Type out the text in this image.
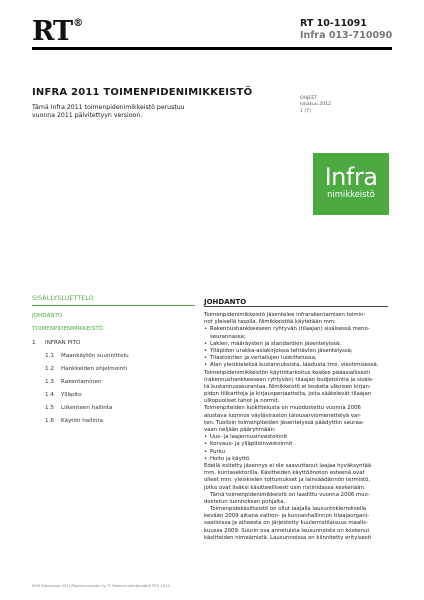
RT®	RT 10-11091
Infra 013-710090
INFRA 2011 TOIMENPIDENIMIKKEISTÖ
Tämä Infra 2011 toimenpidenimikkeistö perustuu vuonna 2011 päivitettyyn versioon.
OHJEET
lokakuu 2012
1 (7)
Infra
nimikkeistö
SISÄLLYSLUETTELO
JOHDANTO
TOIMENPIDENIMIKKEISTÖ
1 INFRAN PITO
1.1 Maankäytön suunnittelu
1.2 Hankkeiden ohjelmointi
1.3 Rakentaminen
1.4 Ylläpito
1.5 Liikenteen hallinta
1.6 Käytön hallinta
JOHDANTO
Toimenpidenimikkeistö jäsentelee infrarakentamisen toimin-
not yleisellä tasolla. Nimikkeistöä käytetään mm:
• Rakennushankkeeseen ryhtyvän (tilaajan) sisäisessä meno-
seurannassa;
• Lakien, määräysten ja standardien jäsentelyissä;
• Ylläpidon urakka-asiakirjoissa tehtävien jäsentelyssä;
• Tilastointien ja vertailujen luokittelussa;
• Alan yleiskieleksä kustannuksista, laadusta tms. viestimisessä.
Toimenpidenimikkeistön käyttötarkoitus koskee pääasiallisesti
(rakennushankkeeseen ryhtyvän) tilaajan budjetointia ja sisäis-
tä kustannusseurantaa. Nimikkeistö ei kosketa ulkoisen kirjan-
pidon tilikarttoja ja kirjausperiaatteita, joita säätelevät tilaajan
ulkopuoliset tahot ja normit.
Toimenpiteiden luokittelusta on muodostettu vuonna 2006
alustava luonnos väyläviraston talousarviomenettelyä var-
ten. Tuolloin toimenpiteiden jäsentelyssä päädyttiin seuraa-
vaan neljään pääryhmään:
• Uus- ja laajennusinvestoinnit
• Korvaus- ja ylläpitoinvestoinnit
• Purku
• Hoito ja käyttö.
Edellä esitetty jäsennys ei ole saavuttanut laajaa hyväksyntää
mm. kuntasektorilla. Käsitteiden käyttöönoton esteenä ovat
olleet mm. yleiskielen tottumukset ja lainsäädännön termistö,
jotka ovat lisäksi käsitteellisesti osin ristiriidassa keskenään.
Tämä toimenpidenimikkeistö on laadittu vuonna 2006 muo-
dostetun luonnoksen pohjalta.
Toimenpidekäsitteistö on ollut laajalla lausuntokierroksella
kevään 2009 aikana valtion- ja kunnanhallinnon tilaajaorgani-
saatioissa ja aiheesta on järjestetty kuulemistilaisuus maalis-
kuussa 2009. Suurin osa annetuista lausunnoista on koskenut
käsitteiden nimeämistä. Lausunnoissa on kiinnitetty erityisesti
KMS Rakentaja 2012/Rakennustieto Oy © Rakennustietosäätiö RTS 2012
